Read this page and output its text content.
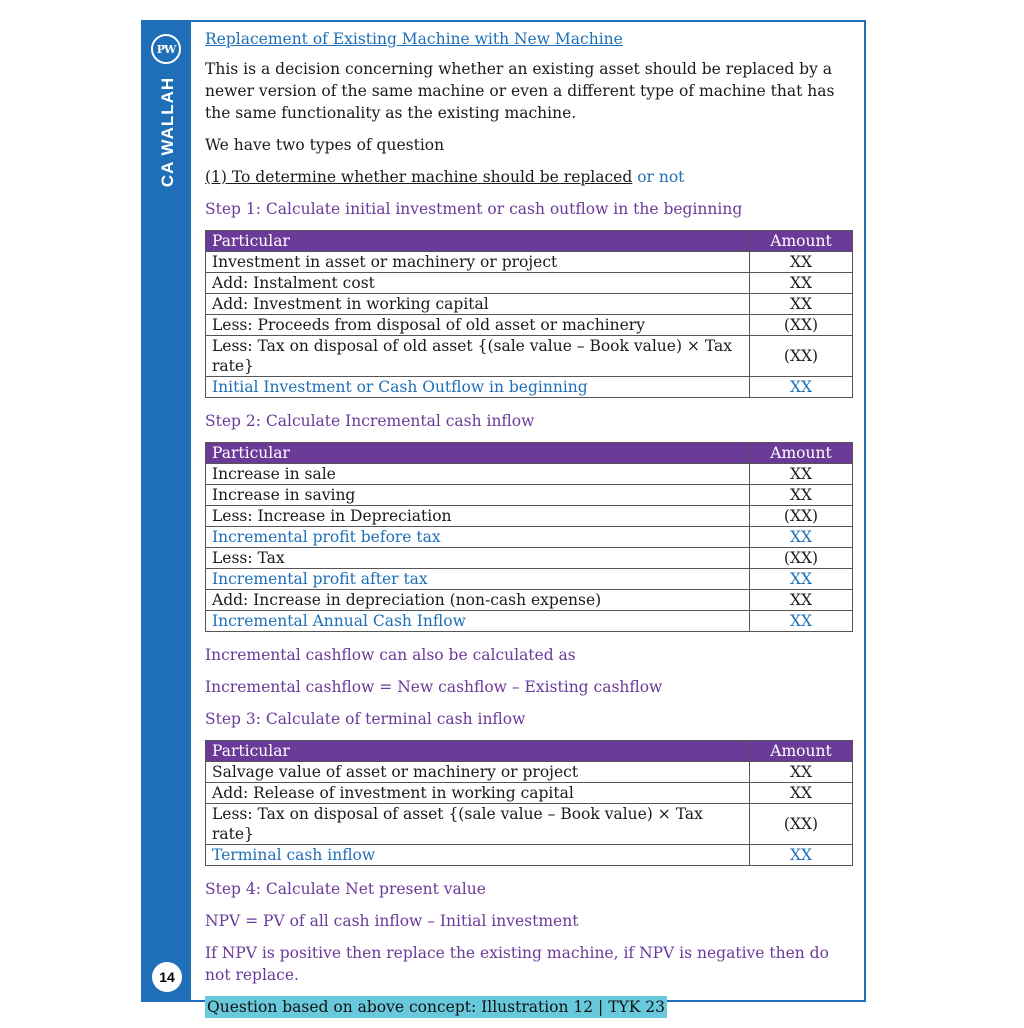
PW
CA WALLAH
14
Replacement of Existing Machine with New Machine

This is a decision concerning whether an existing asset should be replaced by a newer version of the same machine or even a different type of machine that has the same functionality as the existing machine.

We have two types of question

(1) To determine whether machine should be replaced or not

Step 1: Calculate initial investment or cash outflow in the beginning

Particular	Amount
Investment in asset or machinery or project	XX
Add: Instalment cost	XX
Add: Investment in working capital	XX
Less: Proceeds from disposal of old asset or machinery	(XX)
Less: Tax on disposal of old asset {(sale value – Book value) × Tax rate}	(XX)
Initial Investment or Cash Outflow in beginning	XX

Step 2: Calculate Incremental cash inflow

Particular	Amount
Increase in sale	XX
Increase in saving	XX
Less: Increase in Depreciation	(XX)
Incremental profit before tax	XX
Less: Tax	(XX)
Incremental profit after tax	XX
Add: Increase in depreciation (non-cash expense)	XX
Incremental Annual Cash Inflow	XX

Incremental cashflow can also be calculated as

Incremental cashflow = New cashflow – Existing cashflow

Step 3: Calculate of terminal cash inflow

Particular	Amount
Salvage value of asset or machinery or project	XX
Add: Release of investment in working capital	XX
Less: Tax on disposal of asset {(sale value – Book value) × Tax rate}	(XX)
Terminal cash inflow	XX

Step 4: Calculate Net present value

NPV = PV of all cash inflow – Initial investment

If NPV is positive then replace the existing machine, if NPV is negative then do not replace.

Question based on above concept: Illustration 12 | TYK 23
